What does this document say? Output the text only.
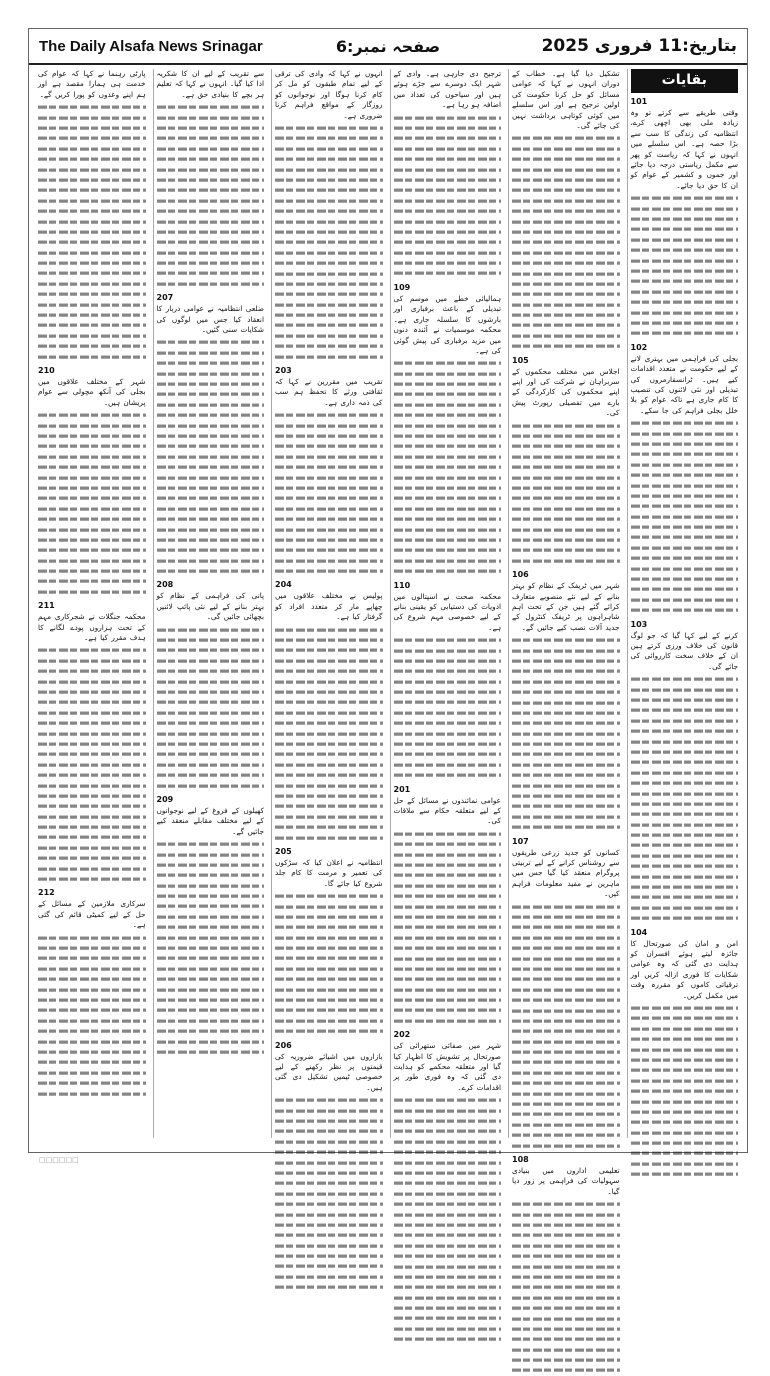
The Daily Alsafa News Srinagar	صفحہ نمبر:6	بتاریخ:11 فروری 2025
بقایات
101

وقتی طریقے سے کرتے تو وہ زیادہ ملی بھی اچھی کرے، انتظامیہ کی زندگی کا سب سے بڑا حصہ ہے۔ اس سلسلے میں انہوں نے کہا کہ ریاست کو پھر سے مکمل ریاستی درجہ دیا جائے اور جموں و کشمیر کے عوام کو ان کا حق دیا جائے۔

102

بجلی کی فراہمی میں بہتری لانے کے لیے حکومت نے متعدد اقدامات کیے ہیں۔ ٹرانسفارمروں کی تبدیلی اور نئی لائنوں کی تنصیب کا کام جاری ہے تاکہ عوام کو بلا خلل بجلی فراہم کی جا سکے۔

103

کرنے کے لیے کہا گیا کہ جو لوگ قانون کی خلاف ورزی کرتے ہیں ان کے خلاف سخت کارروائی کی جائے گی۔

104

امن و امان کی صورتحال کا جائزہ لیتے ہوئے افسران کو ہدایت دی گئی کہ وہ عوامی شکایات کا فوری ازالہ کریں اور ترقیاتی کاموں کو مقررہ وقت میں مکمل کریں۔

تشکیل دیا گیا ہے۔ خطاب کے دوران انہوں نے کہا کہ عوامی مسائل کو حل کرنا حکومت کی اولین ترجیح ہے اور اس سلسلے میں کوئی کوتاہی برداشت نہیں کی جائے گی۔

105

اجلاس میں مختلف محکموں کے سربراہان نے شرکت کی اور اپنے اپنے محکموں کی کارکردگی کے بارے میں تفصیلی رپورٹ پیش کی۔

106

شہر میں ٹریفک کے نظام کو بہتر بنانے کے لیے نئے منصوبے متعارف کرائے گئے ہیں جن کے تحت اہم شاہراہوں پر ٹریفک کنٹرول کے جدید آلات نصب کیے جائیں گے۔

107

کسانوں کو جدید زرعی طریقوں سے روشناس کرانے کے لیے تربیتی پروگرام منعقد کیا گیا جس میں ماہرین نے مفید معلومات فراہم کیں۔

108

تعلیمی اداروں میں بنیادی سہولیات کی فراہمی پر زور دیا گیا۔

ترجیح دی جارہی ہے۔ وادی کے شہر ایک دوسرے سے جڑے ہوئے ہیں اور سیاحوں کی تعداد میں اضافہ ہو رہا ہے۔

109

ہمالیائی خطے میں موسم کی تبدیلی کے باعث برفباری اور بارشوں کا سلسلہ جاری ہے۔ محکمہ موسمیات نے آئندہ دنوں میں مزید برفباری کی پیش گوئی کی ہے۔

110

محکمہ صحت نے اسپتالوں میں ادویات کی دستیابی کو یقینی بنانے کے لیے خصوصی مہم شروع کی ہے۔

201

عوامی نمائندوں نے مسائل کے حل کے لیے متعلقہ حکام سے ملاقات کی۔

202

شہر میں صفائی ستھرائی کی صورتحال پر تشویش کا اظہار کیا گیا اور متعلقہ محکمے کو ہدایت دی گئی کہ وہ فوری طور پر اقدامات کرے۔

انہوں نے کہا کہ وادی کی ترقی کے لیے تمام طبقوں کو مل کر کام کرنا ہوگا اور نوجوانوں کو روزگار کے مواقع فراہم کرنا ضروری ہے۔

203

تقریب میں مقررین نے کہا کہ ثقافتی ورثے کا تحفظ ہم سب کی ذمہ داری ہے۔

204

پولیس نے مختلف علاقوں میں چھاپے مار کر متعدد افراد کو گرفتار کیا ہے۔

205

انتظامیہ نے اعلان کیا کہ سڑکوں کی تعمیر و مرمت کا کام جلد شروع کیا جائے گا۔

206

بازاروں میں اشیائے ضروریہ کی قیمتوں پر نظر رکھنے کے لیے خصوصی ٹیمیں تشکیل دی گئی ہیں۔

سے تقریب کے لیے ان کا شکریہ ادا کیا گیا۔ انہوں نے کہا کہ تعلیم ہر بچے کا بنیادی حق ہے۔

207

ضلعی انتظامیہ نے عوامی دربار کا انعقاد کیا جس میں لوگوں کی شکایات سنی گئیں۔

208

پانی کی فراہمی کے نظام کو بہتر بنانے کے لیے نئی پائپ لائنیں بچھائی جائیں گی۔

209

کھیلوں کے فروغ کے لیے نوجوانوں کے لیے مختلف مقابلے منعقد کیے جائیں گے۔

پارٹی رہنما نے کہا کہ عوام کی خدمت ہی ہمارا مقصد ہے اور ہم اپنے وعدوں کو پورا کریں گے۔

210

شہر کے مختلف علاقوں میں بجلی کی آنکھ مچولی سے عوام پریشان ہیں۔

211

محکمہ جنگلات نے شجرکاری مہم کے تحت ہزاروں پودے لگانے کا ہدف مقرر کیا ہے۔

212

سرکاری ملازمین کے مسائل کے حل کے لیے کمیٹی قائم کی گئی ہے۔

□□□□□□
